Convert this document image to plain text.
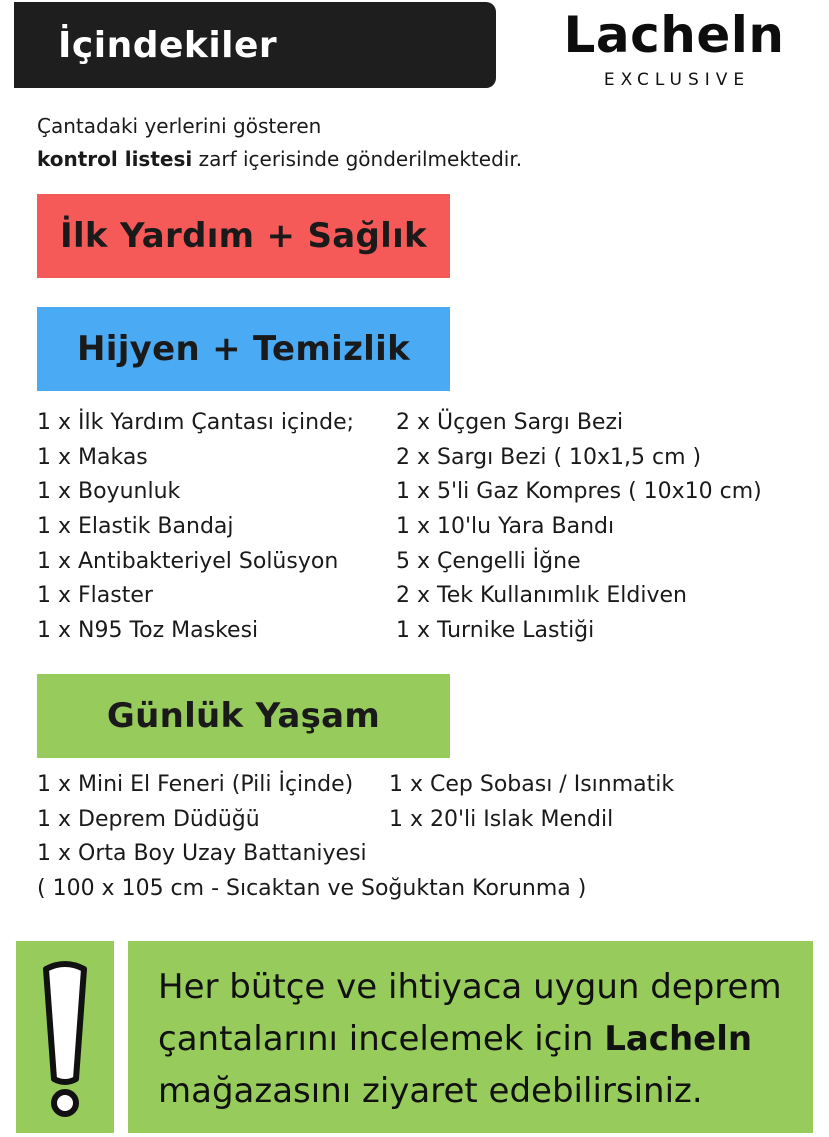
İçindekiler	Lacheln
EXCLUSIVE
Çantadaki yerlerini gösteren
kontrol listesi zarf içerisinde gönderilmektedir.
İlk Yardım + Sağlık
Hijyen + Temizlik
1 x İlk Yardım Çantası içinde;
1 x Makas
1 x Boyunluk
1 x Elastik Bandaj
1 x Antibakteriyel Solüsyon
1 x Flaster
1 x N95 Toz Maskesi
2 x Üçgen Sargı Bezi
2 x Sargı Bezi ( 10x1,5 cm )
1 x 5'li Gaz Kompres ( 10x10 cm)
1 x 10'lu Yara Bandı
5 x Çengelli İğne
2 x Tek Kullanımlık Eldiven
1 x Turnike Lastiği
Günlük Yaşam
1 x Mini El Feneri (Pili İçinde)
1 x Deprem Düdüğü
1 x Orta Boy Uzay Battaniyesi
( 100 x 105 cm - Sıcaktan ve Soğuktan Korunma )
1 x Cep Sobası / Isınmatik
1 x 20'li Islak Mendil
Her bütçe ve ihtiyaca uygun deprem
çantalarını incelemek için Lacheln
mağazasını ziyaret edebilirsiniz.
